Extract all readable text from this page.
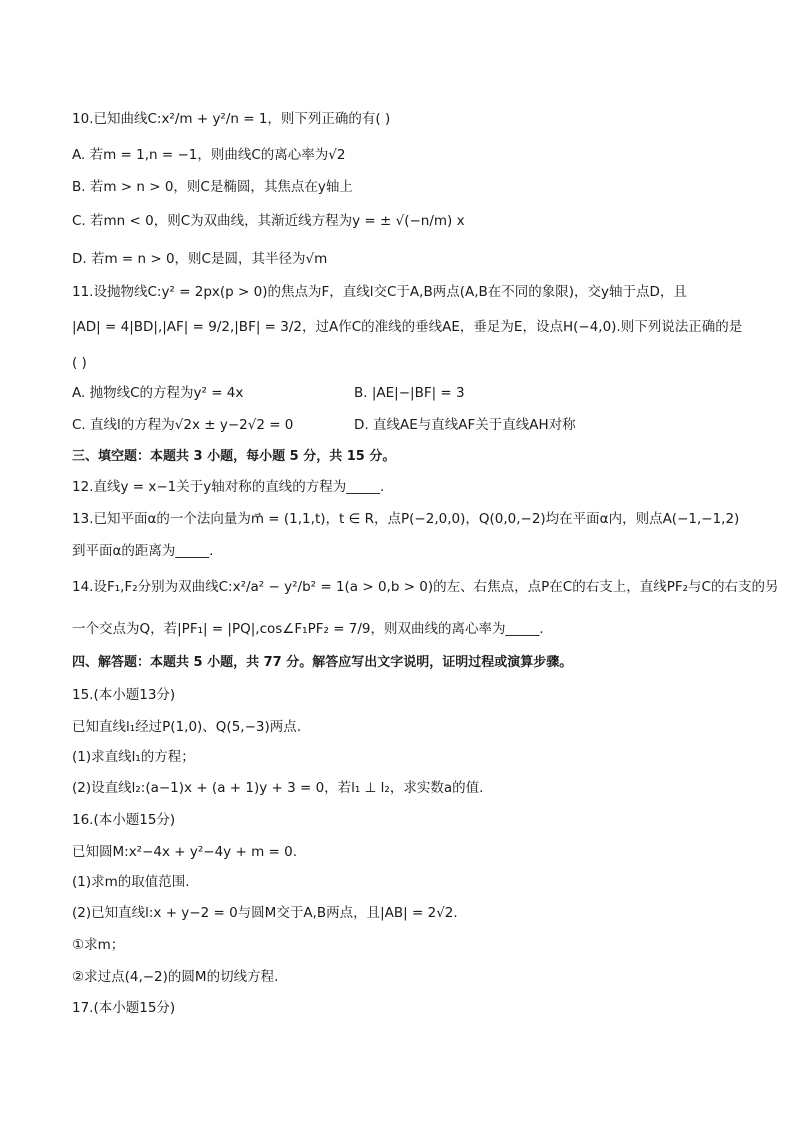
10.已知曲线C:x²/m + y²/n = 1，则下列正确的有( )
A. 若m = 1,n = −1，则曲线C的离心率为√2
B. 若m > n > 0，则C是椭圆，其焦点在y轴上
C. 若mn < 0，则C为双曲线，其渐近线方程为y = ± √(−n/m) x
D. 若m = n > 0，则C是圆，其半径为√m
11.设抛物线C:y² = 2px(p > 0)的焦点为F，直线l交C于A,B两点(A,B在不同的象限)，交y轴于点D，且
|AD| = 4|BD|,|AF| = 9/2,|BF| = 3/2，过A作C的准线的垂线AE，垂足为E，设点H(−4,0).则下列说法正确的是
( )
A. 抛物线C的方程为y² = 4x	B. |AE|−|BF| = 3
C. 直线l的方程为√2x ± y−2√2 = 0	D. 直线AE与直线AF关于直线AH对称
三、填空题：本题共 3 小题，每小题 5 分，共 15 分。
12.直线y = x−1关于y轴对称的直线的方程为_____.
13.已知平面α的一个法向量为m⃗ = (1,1,t)，t ∈ R，点P(−2,0,0)，Q(0,0,−2)均在平面α内，则点A(−1,−1,2)
到平面α的距离为_____.
14.设F₁,F₂分别为双曲线C:x²/a² − y²/b² = 1(a > 0,b > 0)的左、右焦点，点P在C的右支上，直线PF₂与C的右支的另
一个交点为Q，若|PF₁| = |PQ|,cos∠F₁PF₂ = 7/9，则双曲线的离心率为_____.
四、解答题：本题共 5 小题，共 77 分。解答应写出文字说明，证明过程或演算步骤。
15.(本小题13分)
已知直线l₁经过P(1,0)、Q(5,−3)两点.
(1)求直线l₁的方程；
(2)设直线l₂:(a−1)x + (a + 1)y + 3 = 0，若l₁ ⊥ l₂，求实数a的值.
16.(本小题15分)
已知圆M:x²−4x + y²−4y + m = 0.
(1)求m的取值范围.
(2)已知直线l:x + y−2 = 0与圆M交于A,B两点，且|AB| = 2√2.
①求m；
②求过点(4,−2)的圆M的切线方程.
17.(本小题15分)
